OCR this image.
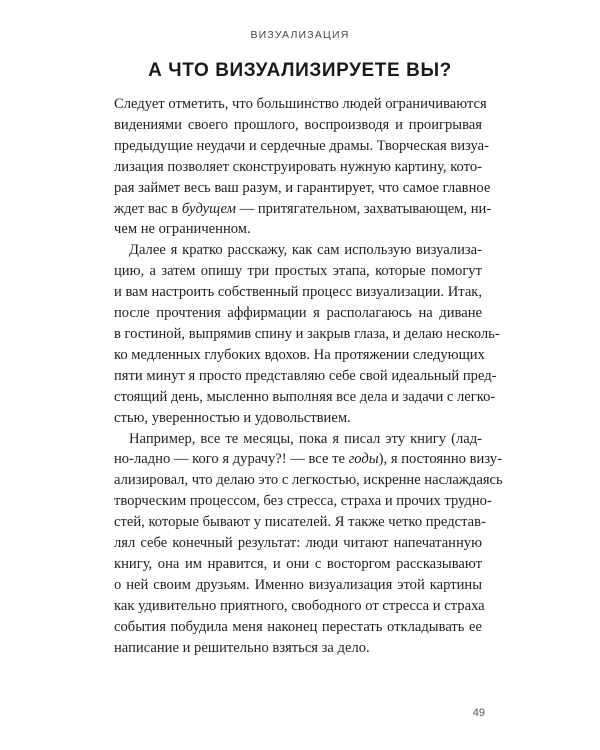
ВИЗУАЛИЗАЦИЯ
А ЧТО ВИЗУАЛИЗИРУЕТЕ ВЫ?
Следует отметить, что большинство людей ограничиваются
видениями своего прошлого, воспроизводя и проигрывая
предыдущие неудачи и сердечные драмы. Творческая визуа-
лизация позволяет сконструировать нужную картину, кото-
рая займет весь ваш разум, и гарантирует, что самое главное
ждет вас в будущем — притягательном, захватывающем, ни-
чем не ограниченном.
Далее я кратко расскажу, как сам использую визуализа-
цию, а затем опишу три простых этапа, которые помогут
и вам настроить собственный процесс визуализации. Итак,
после прочтения аффирмации я располагаюсь на диване
в гостиной, выпрямив спину и закрыв глаза, и делаю несколь-
ко медленных глубоких вдохов. На протяжении следующих
пяти минут я просто представляю себе свой идеальный пред-
стоящий день, мысленно выполняя все дела и задачи с легко-
стью, уверенностью и удовольствием.
Например, все те месяцы, пока я писал эту книгу (лад-
но-ладно — кого я дурачу?! — все те годы), я постоянно визу-
ализировал, что делаю это с легкостью, искренне наслаждаясь
творческим процессом, без стресса, страха и прочих трудно-
стей, которые бывают у писателей. Я также четко представ-
лял себе конечный результат: люди читают напечатанную
книгу, она им нравится, и они с восторгом рассказывают
о ней своим друзьям. Именно визуализация этой картины
как удивительно приятного, свободного от стресса и страха
события побудила меня наконец перестать откладывать ее
написание и решительно взяться за дело.
49
